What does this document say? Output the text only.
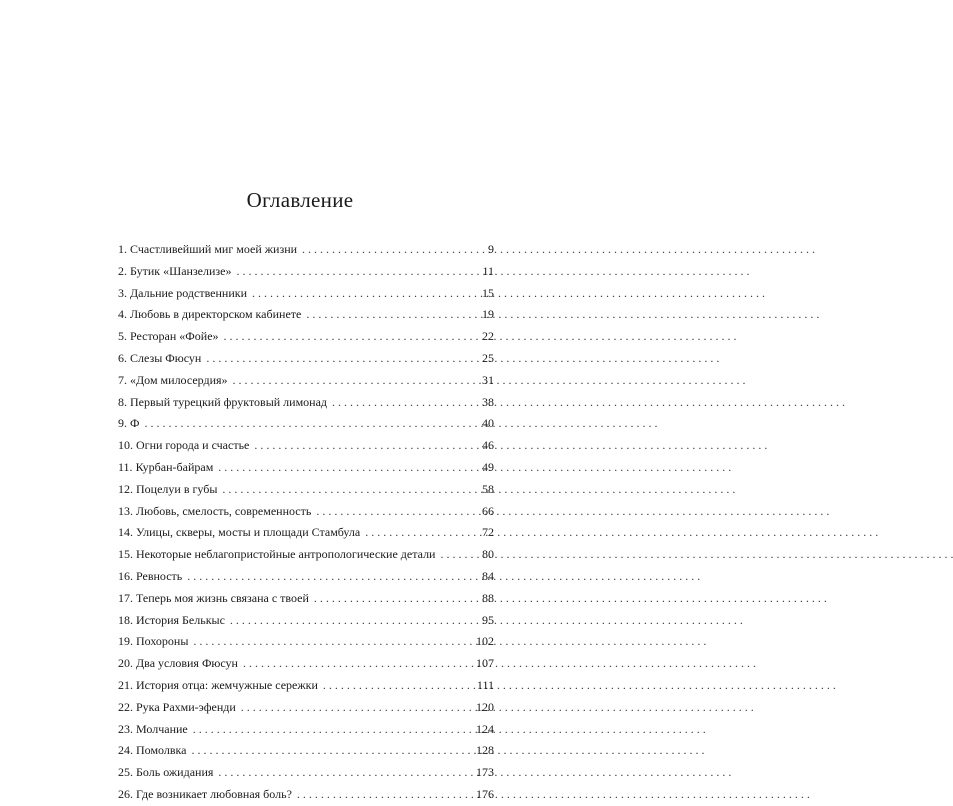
Оглавление
1. Счастливейший миг моей жизни . . .	9
2. Бутик «Шанзелизе» . . .	11
3. Дальние родственники . . .	15
4. Любовь в директорском кабинете . . .	19
5. Ресторан «Фойе» . . .	22
6. Слезы Фюсун . . .	25
7. «Дом милосердия» . . .	31
8. Первый турецкий фруктовый лимонад . . .	38
9. Ф . . .	40
10. Огни города и счастье . . .	46
11. Курбан-байрам . . .	49
12. Поцелуи в губы . . .	58
13. Любовь, смелость, современность . . .	66
14. Улицы, скверы, мосты и площади Стамбула . . .	72
15. Некоторые неблагопристойные антропологические детали . . .	80
16. Ревность . . .	84
17. Теперь моя жизнь связана с твоей . . .	88
18. История Белькыс . . .	95
19. Похороны . . .	102
20. Два условия Фюсун . . .	107
21. История отца: жемчужные сережки . . .	111
22. Рука Рахми-эфенди . . .	120
23. Молчание . . .	124
24. Помолвка . . .	128
25. Боль ожидания . . .	173
26. Где возникает любовная боль? . . .	176
